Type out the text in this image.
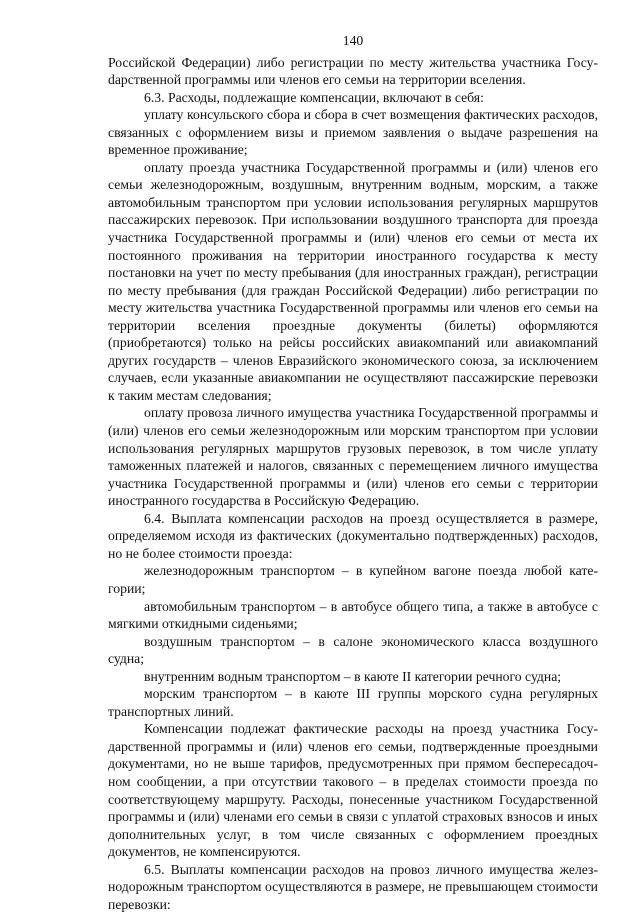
140

Российской Федерации) либо регистрации по месту жительства участника Госуdарственной программы или членов его семьи на территории вселения.

6.3. Расходы, подлежащие компенсации, включают в себя:

уплату консульского сбора и сбора в счет возмещения фактических расходов, связанных с оформлением визы и приемом заявления о выдаче разрешения на временное проживание;

оплату проезда участника Государственной программы и (или) членов его семьи железнодорожным, воздушным, внутренним водным, морским, а также автомобильным транспортом при условии использования регулярных маршрутов пассажирских перевозок. При использовании воздушного транспорта для проезда участника Государственной программы и (или) членов его семьи от места их постоянного проживания на территории иностранного государства к месту постановки на учет по месту пребывания (для иностранных граждан), регистрации по месту пребывания (для граждан Российской Федерации) либо регистрации по месту жительства участника Государственной программы или членов его семьи на территории вселения проездные документы (билеты) оформляются (приобретаются) только на рейсы российских авиакомпаний или авиакомпаний других государств – членов Евразийского экономического союза, за исключением случаев, если указанные авиакомпании не осуществляют пассажирские перевозки к таким местам следования;

оплату провоза личного имущества участника Государственной программы и (или) членов его семьи железнодорожным или морским транспортом при условии использования регулярных маршрутов грузовых перевозок, в том числе уплату таможенных платежей и налогов, связанных с перемещением личного имущества участника Государственной программы и (или) членов его семьи с территории иностранного государства в Российскую Федерацию.

6.4. Выплата компенсации расходов на проезд осуществляется в размере, определяемом исходя из фактических (документально подтвержденных) расходов, но не более стоимости проезда:

железнодорожным транспортом – в купейном вагоне поезда любой категории;

автомобильным транспортом – в автобусе общего типа, а также в автобусе с мягкими откидными сиденьями;

воздушным транспортом – в салоне экономического класса воздушного судна;

внутренним водным транспортом – в каюте II категории речного судна;

морским транспортом – в каюте III группы морского судна регулярных транспортных линий.

Компенсации подлежат фактические расходы на проезд участника Государственной программы и (или) членов его семьи, подтвержденные проездными документами, но не выше тарифов, предусмотренных при прямом беспересадочном сообщении, а при отсутствии такового – в пределах стоимости проезда по соответствующему маршруту. Расходы, понесенные участником Государственной программы и (или) членами его семьи в связи с уплатой страховых взносов и иных дополнительных услуг, в том числе связанных с оформлением проездных документов, не компенсируются.

6.5. Выплаты компенсации расходов на провоз личного имущества железнодорожным транспортом осуществляются в размере, не превышающем стоимости перевозки:
